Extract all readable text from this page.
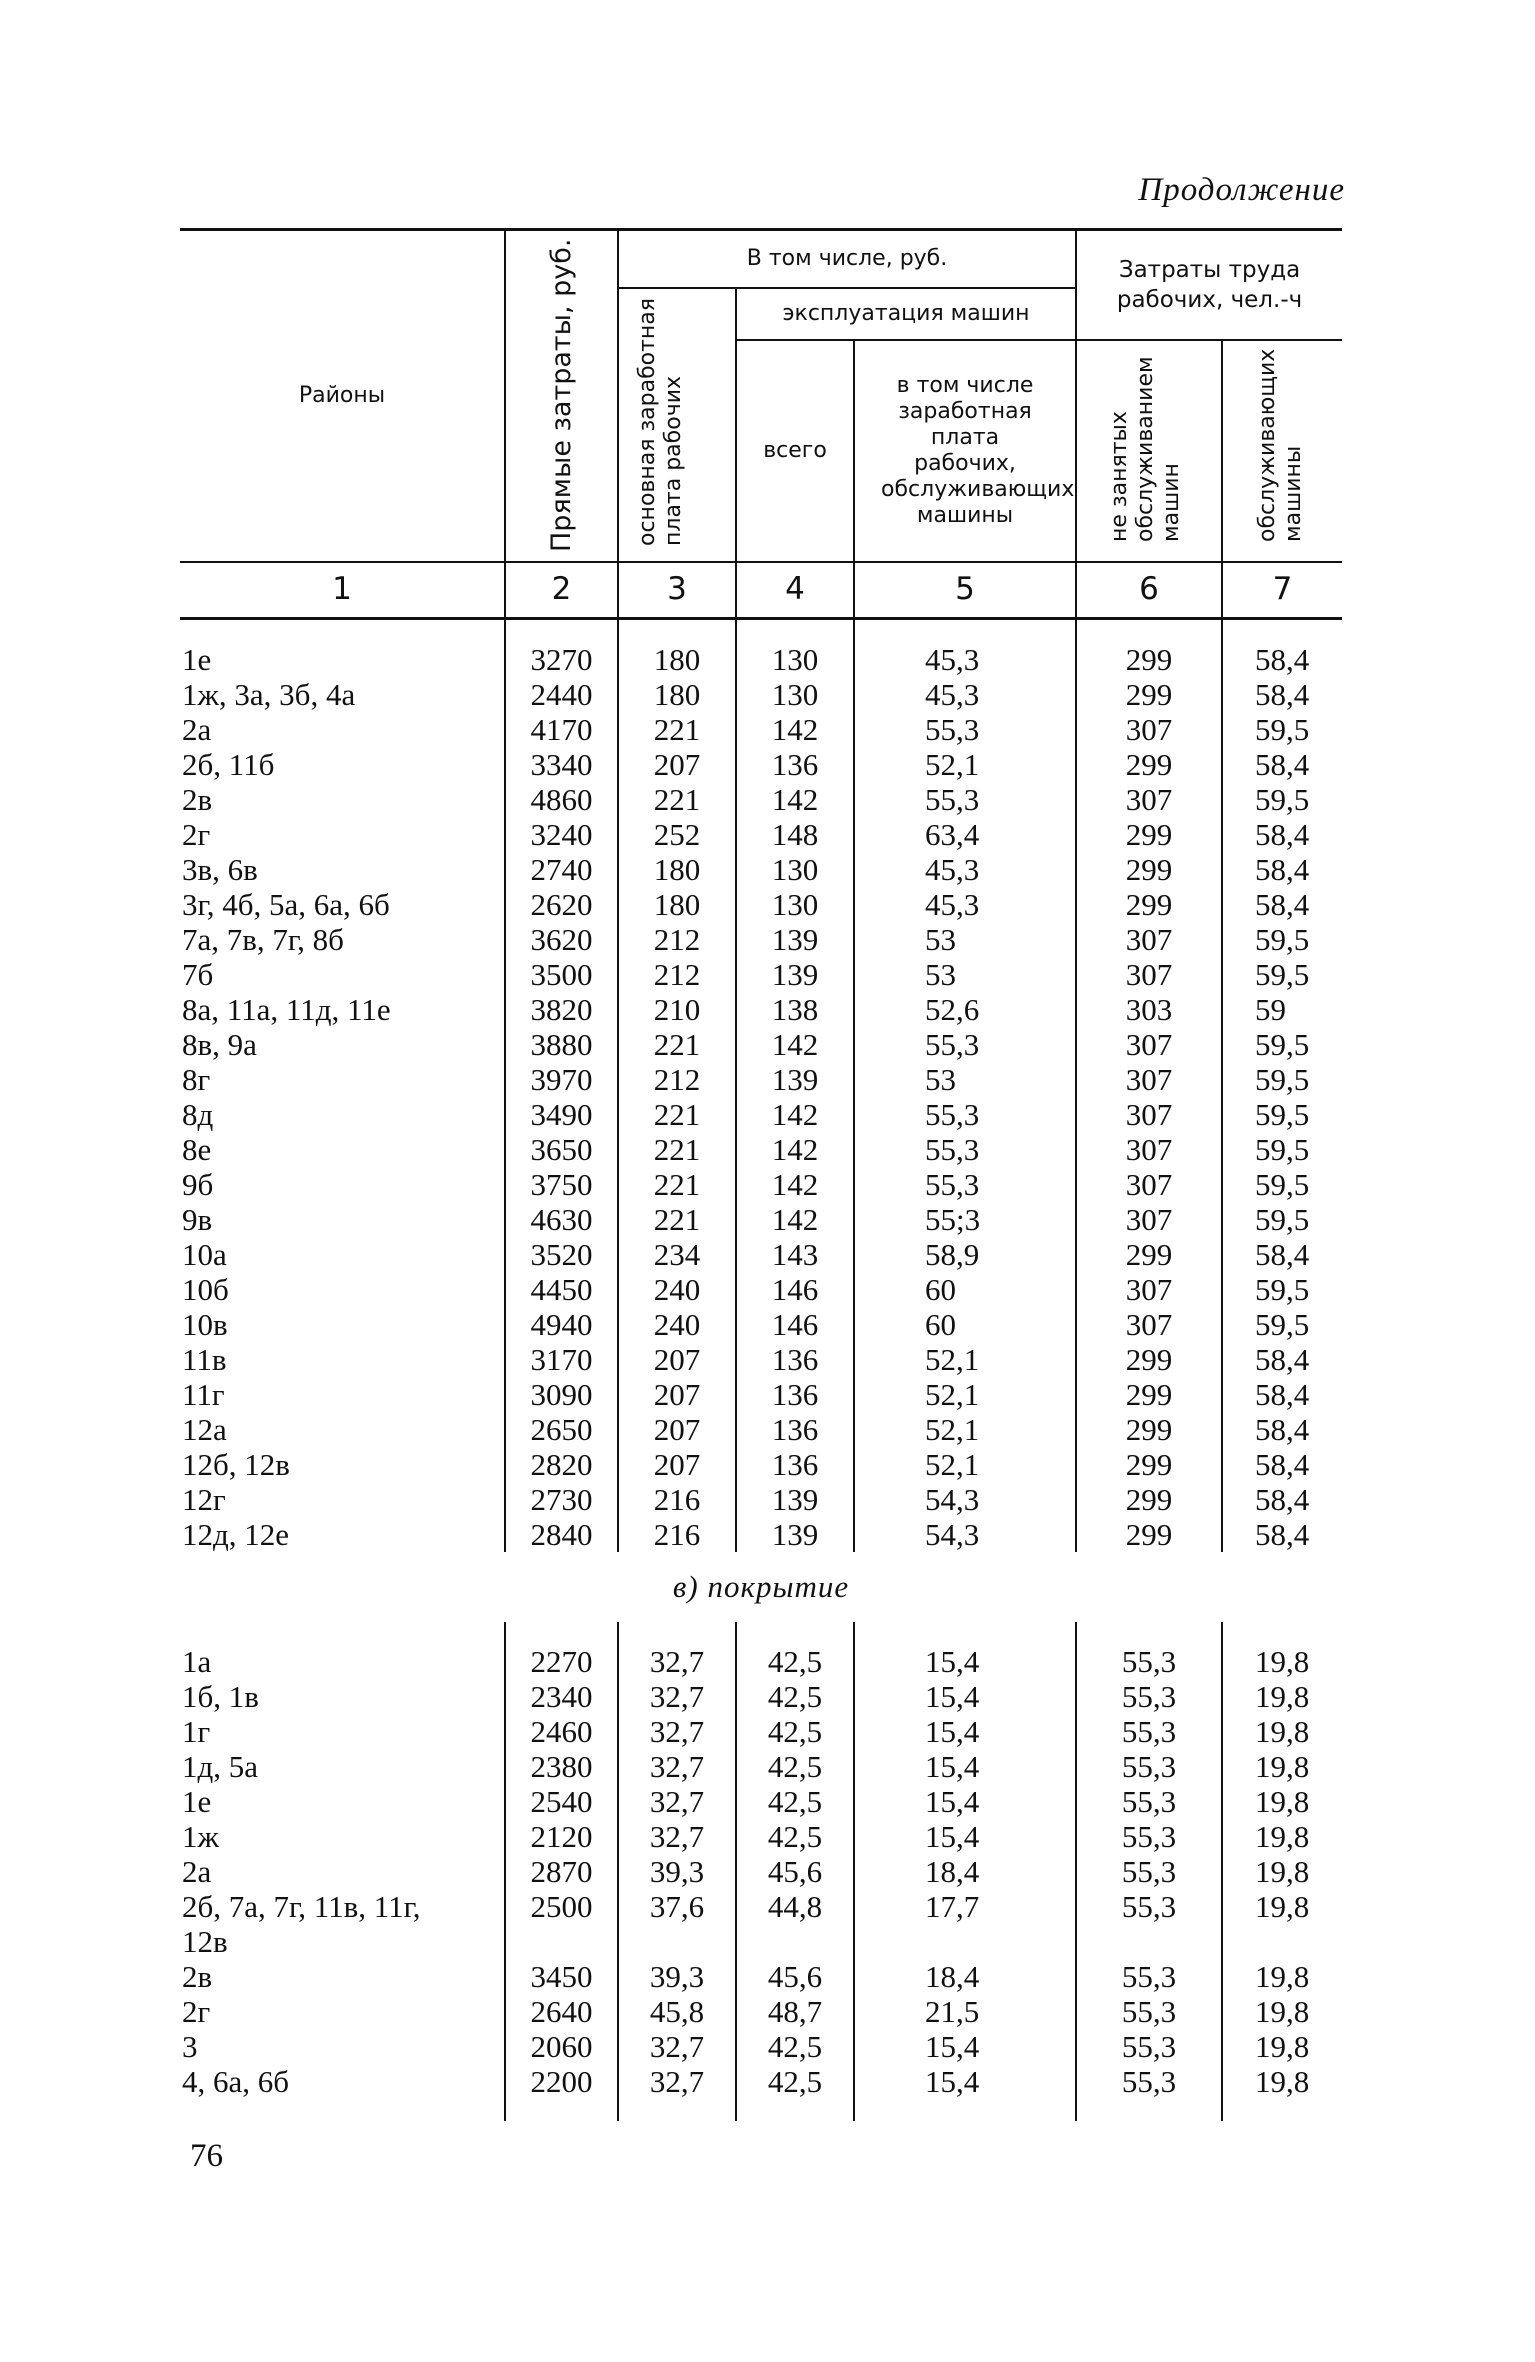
Продолжение
Районы	Прямые затраты, руб.	В том числе, руб.			Затраты труда рабочих, чел.-ч	
		основная заработная плата рабочих	эксплуатация машин			
			всего	в том числе заработная плата рабочих, обслуживающих машины	не занятых обслуживанием машин	обслуживающих машины
1	2	3	4	5	6	7

1е	3270	180	130	45,3	299	58,4
1ж, 3а, 3б, 4а	2440	180	130	45,3	299	58,4
2а	4170	221	142	55,3	307	59,5
2б, 11б	3340	207	136	52,1	299	58,4
2в	4860	221	142	55,3	307	59,5
2г	3240	252	148	63,4	299	58,4
3в, 6в	2740	180	130	45,3	299	58,4
3г, 4б, 5а, 6а, 6б	2620	180	130	45,3	299	58,4
7а, 7в, 7г, 8б	3620	212	139	53	307	59,5
7б	3500	212	139	53	307	59,5
8а, 11а, 11д, 11е	3820	210	138	52,6	303	59
8в, 9а	3880	221	142	55,3	307	59,5
8г	3970	212	139	53	307	59,5
8д	3490	221	142	55,3	307	59,5
8е	3650	221	142	55,3	307	59,5
9б	3750	221	142	55,3	307	59,5
9в	4630	221	142	55;3	307	59,5
10а	3520	234	143	58,9	299	58,4
10б	4450	240	146	60	307	59,5
10в	4940	240	146	60	307	59,5
11в	3170	207	136	52,1	299	58,4
11г	3090	207	136	52,1	299	58,4
12а	2650	207	136	52,1	299	58,4
12б, 12в	2820	207	136	52,1	299	58,4
12г	2730	216	139	54,3	299	58,4
12д, 12е	2840	216	139	54,3	299	58,4
в) покрытие						

1а	2270	32,7	42,5	15,4	55,3	19,8
1б, 1в	2340	32,7	42,5	15,4	55,3	19,8
1г	2460	32,7	42,5	15,4	55,3	19,8
1д, 5а	2380	32,7	42,5	15,4	55,3	19,8
1е	2540	32,7	42,5	15,4	55,3	19,8
1ж	2120	32,7	42,5	15,4	55,3	19,8
2а	2870	39,3	45,6	18,4	55,3	19,8
2б, 7а, 7г, 11в, 11г,	2500	37,6	44,8	17,7	55,3	19,8
12в						
2в	3450	39,3	45,6	18,4	55,3	19,8
2г	2640	45,8	48,7	21,5	55,3	19,8
3	2060	32,7	42,5	15,4	55,3	19,8
4, 6а, 6б	2200	32,7	42,5	15,4	55,3	19,8

76
